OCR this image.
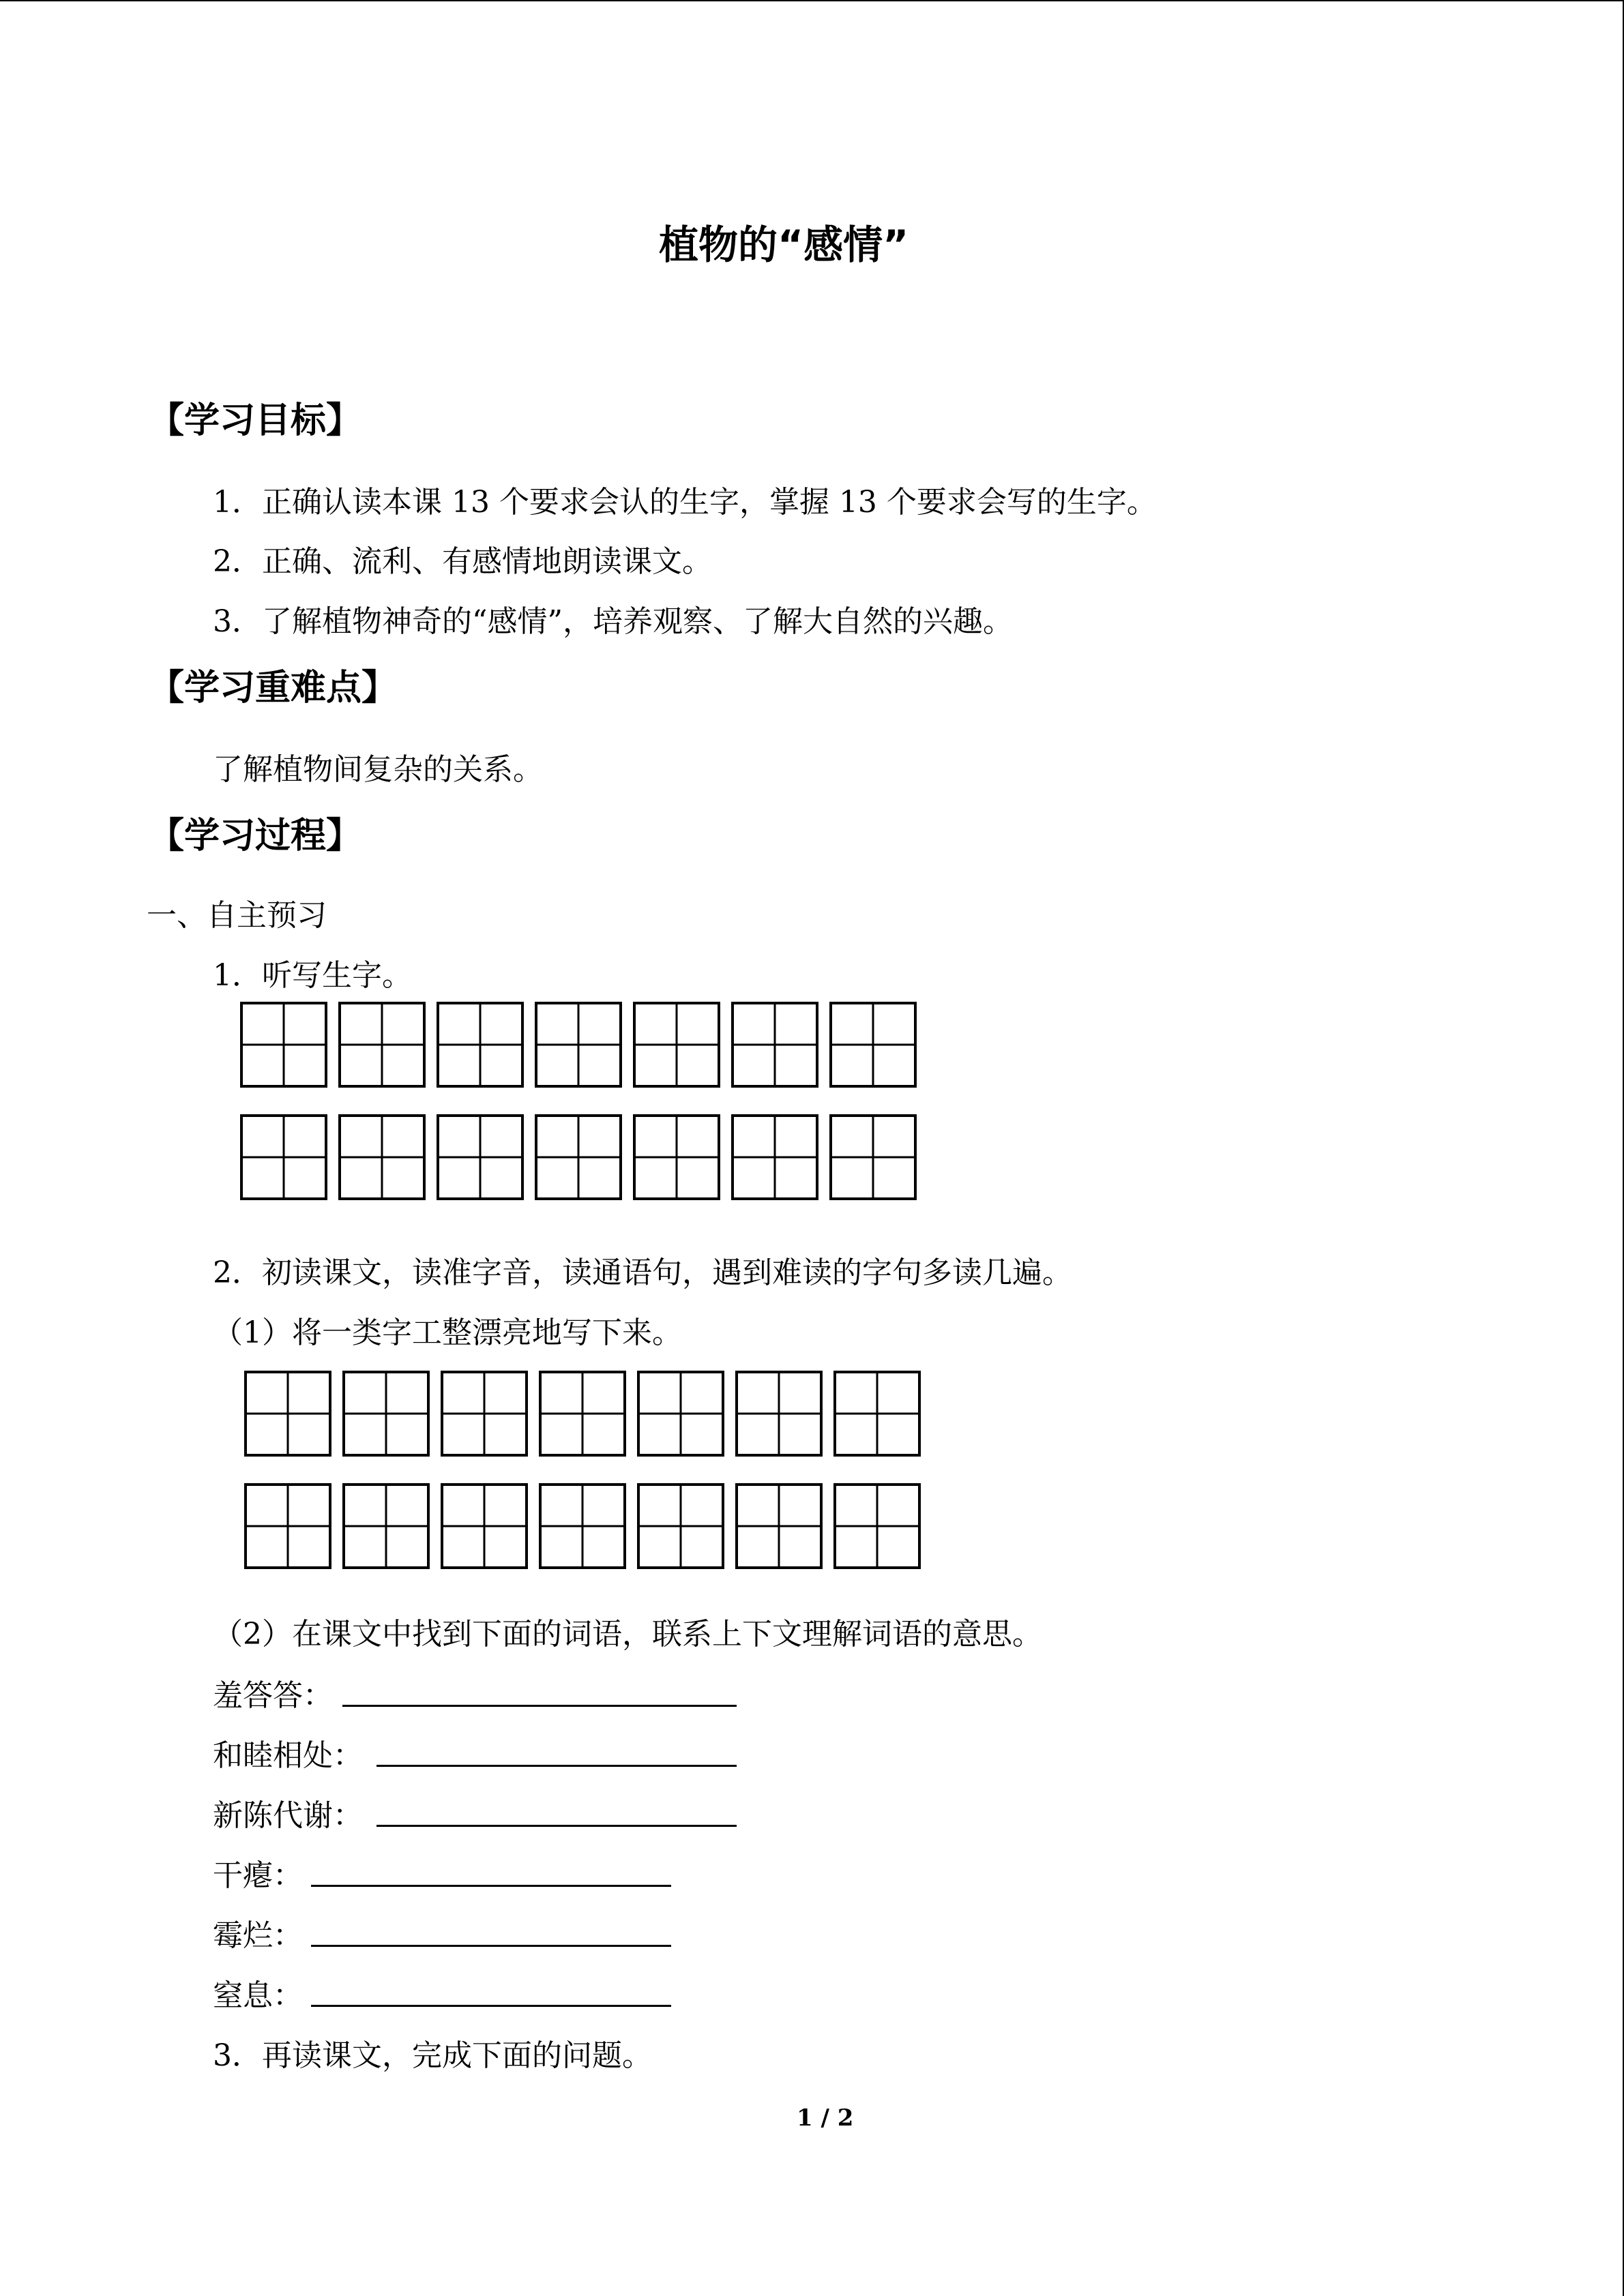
植物的“感情”
【学习目标】
1．正确认读本课 13 个要求会认的生字，掌握 13 个要求会写的生字。
2．正确、流利、有感情地朗读课文。
3．了解植物神奇的“感情”，培养观察、了解大自然的兴趣。
【学习重难点】
了解植物间复杂的关系。
【学习过程】
一、自主预习
1．听写生字。
2．初读课文，读准字音，读通语句，遇到难读的字句多读几遍。
（1）将一类字工整漂亮地写下来。
（2）在课文中找到下面的词语，联系上下文理解词语的意思。
羞答答：
和睦相处：
新陈代谢：
干瘪：
霉烂：
窒息：
3．再读课文，完成下面的问题。
1 / 2
